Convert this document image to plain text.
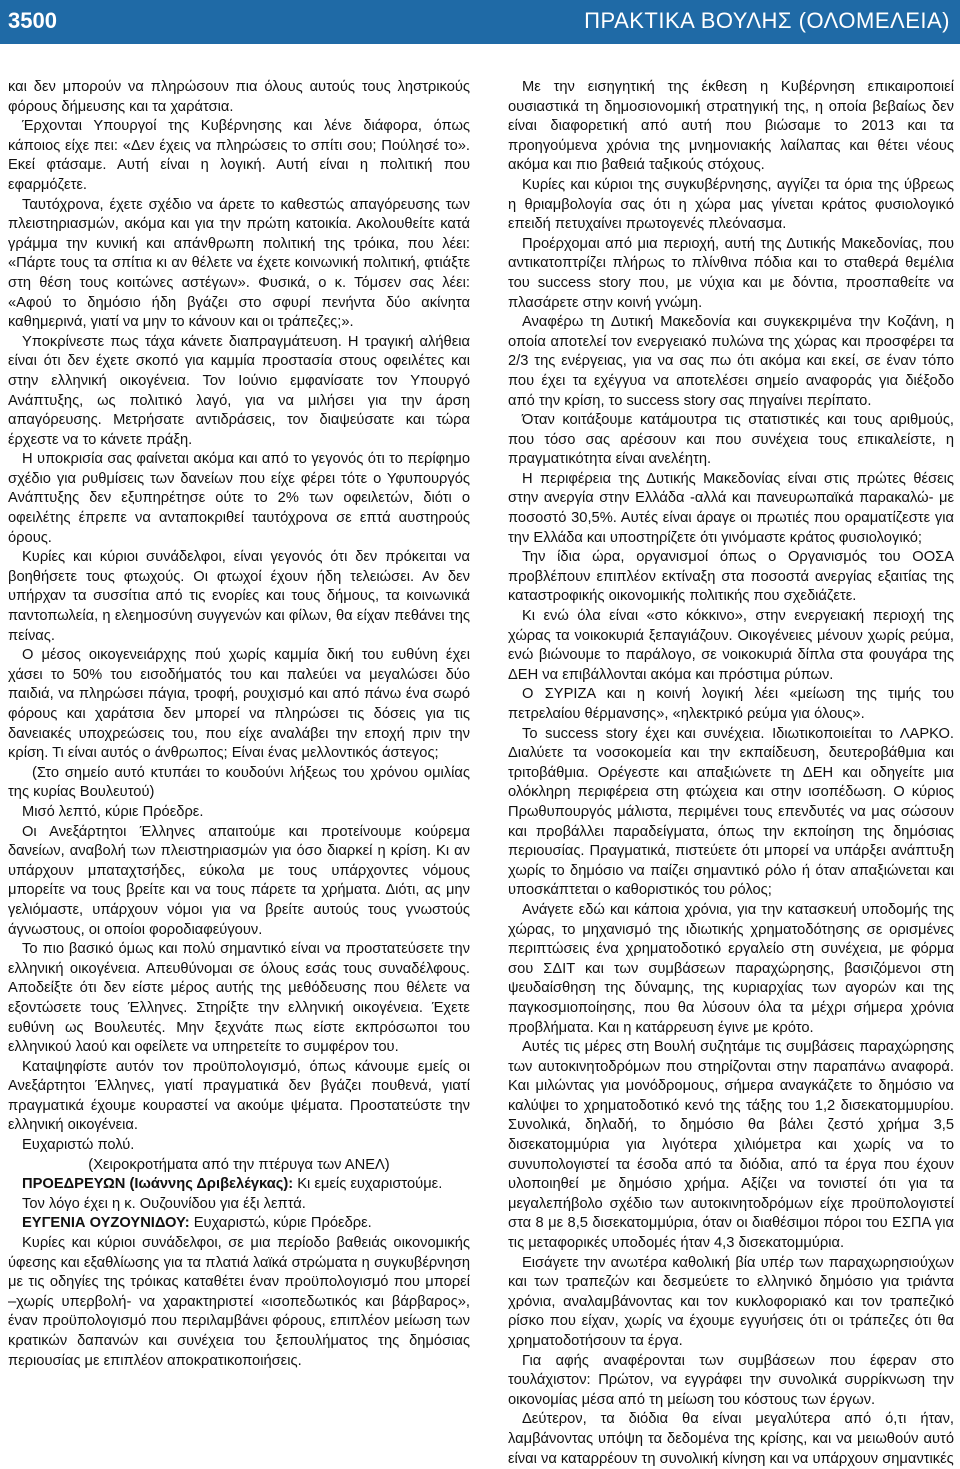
3500	ΠΡΑΚΤΙΚΑ ΒΟΥΛΗΣ (ΟΛΟΜΕΛΕΙΑ)

και δεν μπορούν να πληρώσουν πια όλους αυτούς τους ληστρικούς φόρους δήμευσης και τα χαράτσια.

Έρχονται Υπουργοί της Κυβέρνησης και λένε διάφορα, όπως κάποιος είχε πει: «Δεν έχεις να πληρώσεις το σπίτι σου; Πούλησέ το». Εκεί φτάσαμε. Αυτή είναι η λογική. Αυτή είναι η πολιτική που εφαρμόζετε.

Ταυτόχρονα, έχετε σχέδιο να άρετε το καθεστώς απαγόρευσης των πλειστηριασμών, ακόμα και για την πρώτη κατοικία. Ακολουθείτε κατά γράμμα την κυνική και απάνθρωπη πολιτική της τρόικα, που λέει: «Πάρτε τους τα σπίτια κι αν θέλετε να έχετε κοινωνική πολιτική, φτιάξτε στη θέση τους κοιτώνες αστέγων». Φυσικά, ο κ. Τόμσεν σας λέει: «Αφού το δημόσιο ήδη βγάζει στο σφυρί πενήντα δύο ακίνητα καθημερινά, γιατί να μην το κάνουν και οι τράπεζες;».

Υποκρίνεστε πως τάχα κάνετε διαπραγμάτευση. Η τραγική αλήθεια είναι ότι δεν έχετε σκοπό για καμμία προστασία στους οφειλέτες και στην ελληνική οικογένεια. Τον Ιούνιο εμφανίσατε τον Υπουργό Ανάπτυξης, ως πολιτικό λαγό, για να μιλήσει για την άρση απαγόρευσης. Μετρήσατε αντιδράσεις, τον διαψεύσατε και τώρα έρχεστε να το κάνετε πράξη.

Η υποκρισία σας φαίνεται ακόμα και από το γεγονός ότι το περίφημο σχέδιο για ρυθμίσεις των δανείων που είχε φέρει τότε ο Υφυπουργός Ανάπτυξης δεν εξυπηρέτησε ούτε το 2% των οφειλετών, διότι ο οφειλέτης έπρεπε να ανταποκριθεί ταυτόχρονα σε επτά αυστηρούς όρους.

Κυρίες και κύριοι συνάδελφοι, είναι γεγονός ότι δεν πρόκειται να βοηθήσετε τους φτωχούς. Οι φτωχοί έχουν ήδη τελειώσει. Αν δεν υπήρχαν τα συσσίτια από τις ενορίες και τους δήμους, τα κοινωνικά παντοπωλεία, η ελεημοσύνη συγγενών και φίλων, θα είχαν πεθάνει της πείνας.

Ο μέσος οικογενειάρχης πού χωρίς καμμία δική του ευθύνη έχει χάσει το 50% του εισοδήματός του και παλεύει να μεγαλώσει δύο παιδιά, να πληρώσει πάγια, τροφή, ρουχισμό και από πάνω ένα σωρό φόρους και χαράτσια δεν μπορεί να πληρώσει τις δόσεις για τις δανειακές υποχρεώσεις του, που είχε αναλάβει την εποχή πριν την κρίση. Τι είναι αυτός ο άνθρωπος; Είναι ένας μελλοντικός άστεγος;

(Στο σημείο αυτό κτυπάει το κουδούνι λήξεως του χρόνου ομιλίας της κυρίας Βουλευτού)

Μισό λεπτό, κύριε Πρόεδρε.

Οι Ανεξάρτητοι Έλληνες απαιτούμε και προτείνουμε κούρεμα δανείων, αναβολή των πλειστηριασμών για όσο διαρκεί η κρίση. Κι αν υπάρχουν μπαταχτσήδες, εύκολα με τους υπάρχοντες νόμους μπορείτε να τους βρείτε και να τους πάρετε τα χρήματα. Διότι, ας μην γελιόμαστε, υπάρχουν νόμοι για να βρείτε αυτούς τους γνωστούς άγνωστους, οι οποίοι φοροδιαφεύγουν.

Το πιο βασικό όμως και πολύ σημαντικό είναι να προστατεύσετε την ελληνική οικογένεια. Απευθύνομαι σε όλους εσάς τους συναδέλφους. Αποδείξτε ότι δεν είστε μέρος αυτής της μεθόδευσης που θέλετε να εξοντώσετε τους Έλληνες. Στηρίξτε την ελληνική οικογένεια. Έχετε ευθύνη ως Βουλευτές. Μην ξεχνάτε πως είστε εκπρόσωποι του ελληνικού λαού και οφείλετε να υπηρετείτε το συμφέρον του.

Καταψηφίστε αυτόν τον προϋπολογισμό, όπως κάνουμε εμείς οι Ανεξάρτητοι Έλληνες, γιατί πραγματικά δεν βγάζει πουθενά, γιατί πραγματικά έχουμε κουραστεί να ακούμε ψέματα. Προστατεύστε την ελληνική οικογένεια.

Ευχαριστώ πολύ.

(Χειροκροτήματα από την πτέρυγα των ΑΝΕΛ)

ΠΡΟΕΔΡΕΥΩΝ (Ιωάννης Δριβελέγκας): Κι εμείς ευχαριστούμε.

Τον λόγο έχει η κ. Ουζουνίδου για έξι λεπτά.

ΕΥΓΕΝΙΑ ΟΥΖΟΥΝΙΔΟΥ: Ευχαριστώ, κύριε Πρόεδρε.

Κυρίες και κύριοι συνάδελφοι, σε μια περίοδο βαθειάς οικονομικής ύφεσης και εξαθλίωσης για τα πλατιά λαϊκά στρώματα η συγκυβέρνηση με τις οδηγίες της τρόικας καταθέτει έναν προϋπολογισμό που μπορεί –χωρίς υπερβολή- να χαρακτηριστεί «ισοπεδωτικός και βάρβαρος», έναν προϋπολογισμό που περιλαμβάνει φόρους, επιπλέον μείωση των κρατικών δαπανών και συνέχεια του ξεπουλήματος της δημόσιας περιουσίας με επιπλέον αποκρατικοποιήσεις.

Με την εισηγητική της έκθεση η Κυβέρνηση επικαιροποιεί ουσιαστικά τη δημοσιονομική στρατηγική της, η οποία βεβαίως δεν είναι διαφορετική από αυτή που βιώσαμε το 2013 και τα προηγούμενα χρόνια της μνημονιακής λαίλαπας και θέτει νέους ακόμα και πιο βαθειά ταξικούς στόχους.

Κυρίες και κύριοι της συγκυβέρνησης, αγγίζει τα όρια της ύβρεως η θριαμβολογία σας ότι η χώρα μας γίνεται κράτος φυσιολογικό επειδή πετυχαίνει πρωτογενές πλεόνασμα.

Προέρχομαι από μια περιοχή, αυτή της Δυτικής Μακεδονίας, που αντικατοπτρίζει πλήρως το πλίνθινα πόδια και το σταθερά θεμέλια του success story που, με νύχια και με δόντια, προσπαθείτε να πλασάρετε στην κοινή γνώμη.

Αναφέρω τη Δυτική Μακεδονία και συγκεκριμένα την Κοζάνη, η οποία αποτελεί τον ενεργειακό πυλώνα της χώρας και προσφέρει τα 2/3 της ενέργειας, για να σας πω ότι ακόμα και εκεί, σε έναν τόπο που έχει τα εχέγγυα να αποτελέσει σημείο αναφοράς για διέξοδο από την κρίση, το success story σας πηγαίνει περίπατο.

Όταν κοιτάξουμε κατάμουτρα τις στατιστικές και τους αριθμούς, που τόσο σας αρέσουν και που συνέχεια τους επικαλείστε, η πραγματικότητα είναι ανελέητη.

Η περιφέρεια της Δυτικής Μακεδονίας είναι στις πρώτες θέσεις στην ανεργία στην Ελλάδα -αλλά και πανευρωπαϊκά παρακαλώ- με ποσοστό 30,5%. Αυτές είναι άραγε οι πρωτιές που οραματίζεστε για την Ελλάδα και υποστηρίζετε ότι γινόμαστε κράτος φυσιολογικό;

Την ίδια ώρα, οργανισμοί όπως ο Οργανισμός του ΟΟΣΑ προβλέπουν επιπλέον εκτίναξη στα ποσοστά ανεργίας εξαιτίας της καταστροφικής οικονομικής πολιτικής που σχεδιάζετε.

Κι ενώ όλα είναι «στο κόκκινο», στην ενεργειακή περιοχή της χώρας τα νοικοκυριά ξεπαγιάζουν. Οικογένειες μένουν χωρίς ρεύμα, ενώ βιώνουμε το παράλογο, σε νοικοκυριά δίπλα στα φουγάρα της ΔΕΗ να επιβάλλονται ακόμα και πρόστιμα ρύπων.

Ο ΣΥΡΙΖΑ και η κοινή λογική λέει «μείωση της τιμής του πετρελαίου θέρμανσης», «ηλεκτρικό ρεύμα για όλους».

Το success story έχει και συνέχεια. Ιδιωτικοποιείται το ΛΑΡΚΟ. Διαλύετε τα νοσοκομεία και την εκπαίδευση, δευτεροβάθμια και τριτοβάθμια. Ορέγεστε και απαξιώνετε τη ΔΕΗ και οδηγείτε μια ολόκληρη περιφέρεια στη φτώχεια και στην ισοπέδωση. Ο κύριος Πρωθυπουργός μάλιστα, περιμένει τους επενδυτές να μας σώσουν και προβάλλει παραδείγματα, όπως την εκποίηση της δημόσιας περιουσίας. Πραγματικά, πιστεύετε ότι μπορεί να υπάρξει ανάπτυξη χωρίς το δημόσιο να παίζει σημαντικό ρόλο ή όταν απαξιώνεται και υποσκάπτεται ο καθοριστικός του ρόλος;

Ανάγετε εδώ και κάποια χρόνια, για την κατασκευή υποδομής της χώρας, το μηχανισμό της ιδιωτικής χρηματοδότησης σε ορισμένες περιπτώσεις ένα χρηματοδοτικό εργαλείο στη συνέχεια, με φόρμα σου ΣΔΙΤ και των συμβάσεων παραχώρησης, βασιζόμενοι στη ψευδαίσθηση της δύναμης, της κυριαρχίας των αγορών και της παγκοσμιοποίησης, που θα λύσουν όλα τα μέχρι σήμερα χρόνια προβλήματα. Και η κατάρρευση έγινε με κρότο.

Αυτές τις μέρες στη Βουλή συζητάμε τις συμβάσεις παραχώρησης των αυτοκινητοδρόμων που στηρίζονται στην παραπάνω αναφορά. Και μιλώντας για μονόδρομους, σήμερα αναγκάζετε το δημόσιο να καλύψει το χρηματοδοτικό κενό της τάξης του 1,2 δισεκατομμυρίου. Συνολικά, δηλαδή, το δημόσιο θα βάλει ζεστό χρήμα 3,5 δισεκατομμύρια για λιγότερα χιλιόμετρα και χωρίς να το συνυπολογιστεί τα έσοδα από τα διόδια, από τα έργα που έχουν υλοποιηθεί με δημόσιο χρήμα. Αξίζει να τονιστεί ότι για τα μεγαλεπήβολο σχέδιο των αυτοκινητοδρόμων είχε προϋπολογιστεί στα 8 με 8,5 δισεκατομμύρια, όταν οι διαθέσιμοι πόροι του ΕΣΠΑ για τις μεταφορικές υποδομές ήταν 4,3 δισεκατομμύρια.

Εισάγετε την ανωτέρα καθολική βία υπέρ των παραχωρησιούχων και των τραπεζών και δεσμεύετε το ελληνικό δημόσιο για τριάντα χρόνια, αναλαμβάνοντας και τον κυκλοφοριακό και τον τραπεζικό ρίσκο που είχαν, χωρίς να έχουμε εγγυήσεις ότι οι τράπεζες ότι θα χρηματοδοτήσουν τα έργα.

Για αφής αναφέρονται των συμβάσεων που έφεραν στο τουλάχιστον: Πρώτον, να εγγράφει την συνολικά συρρίκνωση την οικονομίας μέσα από τη μείωση του κόστους των έργων.

Δεύτερον, τα διόδια θα είναι μεγαλύτερα από ό,τι ήταν, λαμβάνοντας υπόψη τα δεδομένα της κρίσης, και να μειωθούν αυτό είναι να καταρρέουν τη συνολική κίνηση και να υπάρχουν σημαντικές
